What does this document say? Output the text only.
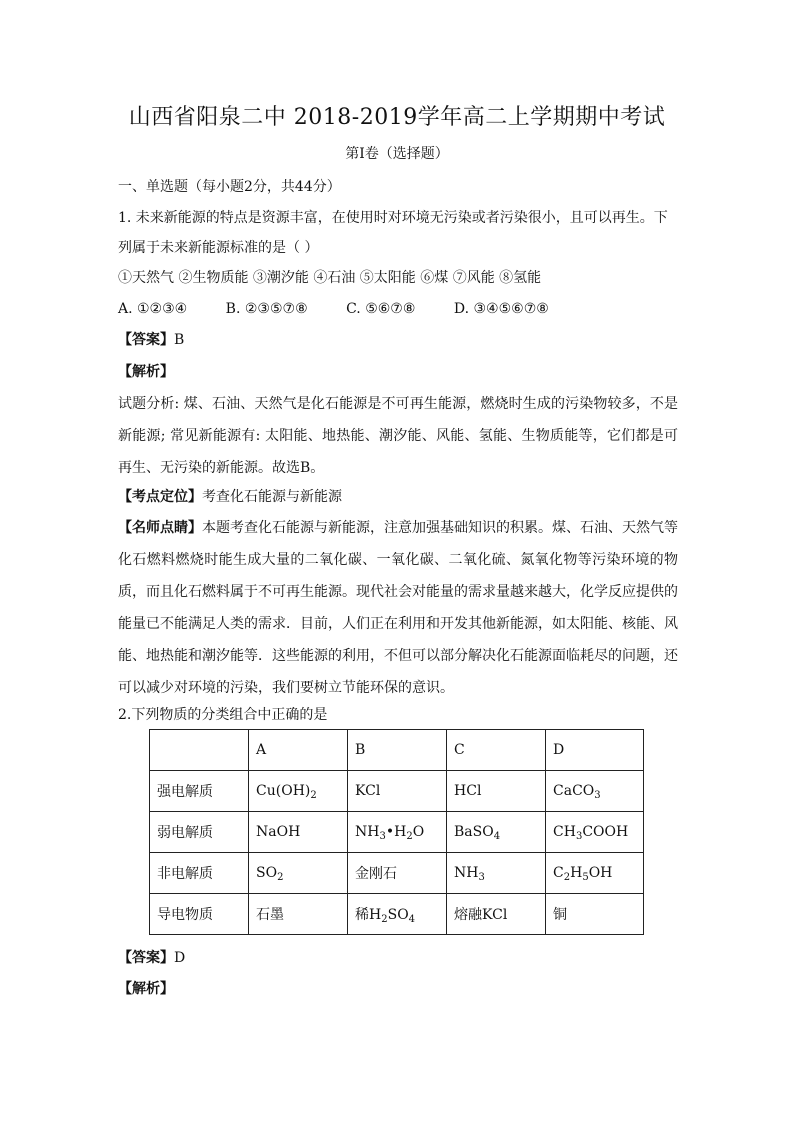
山西省阳泉二中 2018-2019学年高二上学期期中考试
第I卷（选择题）
一、单选题（每小题2分，共44分）
1. 未来新能源的特点是资源丰富，在使用时对环境无污染或者污染很小，且可以再生。下
列属于未来新能源标准的是（ ）
①天然气 ②生物质能 ③潮汐能 ④石油 ⑤太阳能 ⑥煤 ⑦风能 ⑧氢能
A. ①②③④	B. ②③⑤⑦⑧	C. ⑤⑥⑦⑧	D. ③④⑤⑥⑦⑧
【答案】B
【解析】
试题分析: 煤、石油、天然气是化石能源是不可再生能源，燃烧时生成的污染物较多，不是新能源; 常见新能源有: 太阳能、地热能、潮汐能、风能、氢能、生物质能等，它们都是可再生、无污染的新能源。故选B。
【考点定位】考查化石能源与新能源
【名师点睛】本题考查化石能源与新能源，注意加强基础知识的积累。煤、石油、天然气等化石燃料燃烧时能生成大量的二氧化碳、一氧化碳、二氧化硫、氮氧化物等污染环境的物质，而且化石燃料属于不可再生能源。现代社会对能量的需求量越来越大，化学反应提供的能量已不能满足人类的需求．目前，人们正在利用和开发其他新能源，如太阳能、核能、风能、地热能和潮汐能等．这些能源的利用，不但可以部分解决化石能源面临耗尽的问题，还可以减少对环境的污染，我们要树立节能环保的意识。
2.下列物质的分类组合中正确的是
	A	B	C	D
强电解质	$Cu(OH)_2$	KCl	HCl	CaCO$_3$
弱电解质	NaOH	$NH_3•H_2O$	BaSO$_4$	$CH_3COOH$
非电解质	$SO_2$	金刚石	$NH_3$	$C_2H_5OH$
导电物质	石墨	稀$H_2SO_4$	熔融KCl	铜
【答案】D
【解析】
